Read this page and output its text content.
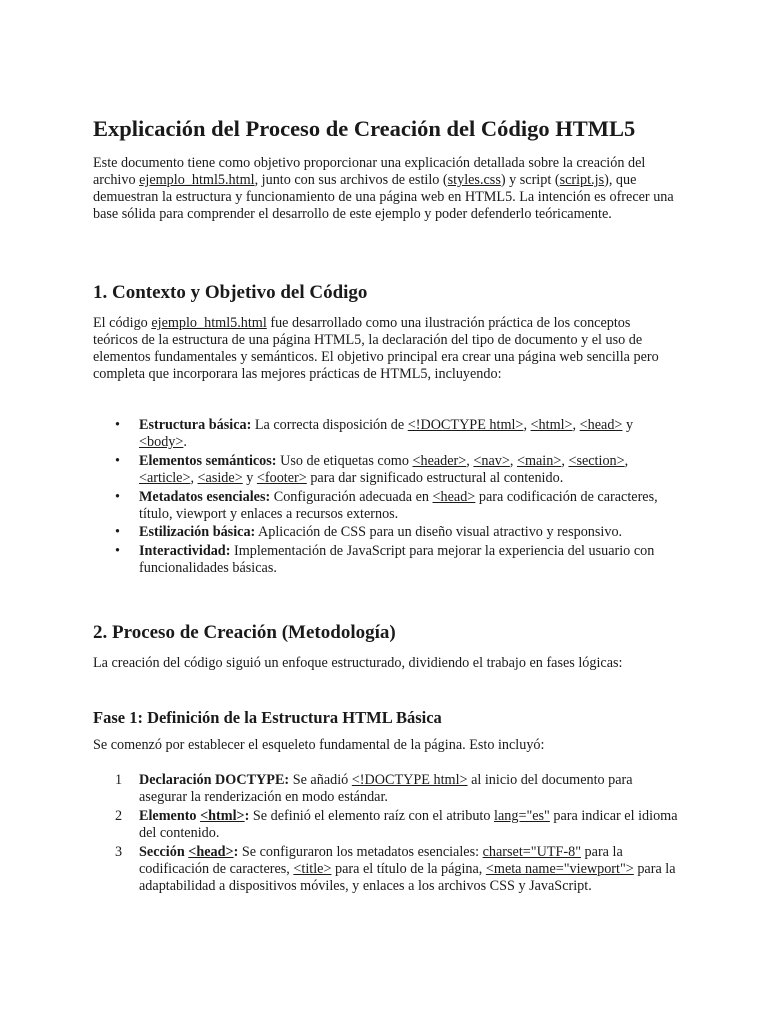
Explicación del Proceso de Creación del Código HTML5

Este documento tiene como objetivo proporcionar una explicación detallada sobre la creación del archivo ejemplo_html5.html, junto con sus archivos de estilo (styles.css) y script (script.js), que demuestran la estructura y funcionamiento de una página web en HTML5. La intención es ofrecer una base sólida para comprender el desarrollo de este ejemplo y poder defenderlo teóricamente.

1. Contexto y Objetivo del Código

El código ejemplo_html5.html fue desarrollado como una ilustración práctica de los conceptos teóricos de la estructura de una página HTML5, la declaración del tipo de documento y el uso de elementos fundamentales y semánticos. El objetivo principal era crear una página web sencilla pero completa que incorporara las mejores prácticas de HTML5, incluyendo:

• Estructura básica: La correcta disposición de <!DOCTYPE html>, <html>, <head> y <body>.
• Elementos semánticos: Uso de etiquetas como <header>, <nav>, <main>, <section>, <article>, <aside> y <footer> para dar significado estructural al contenido.
• Metadatos esenciales: Configuración adecuada en <head> para codificación de caracteres, título, viewport y enlaces a recursos externos.
• Estilización básica: Aplicación de CSS para un diseño visual atractivo y responsivo.
• Interactividad: Implementación de JavaScript para mejorar la experiencia del usuario con funcionalidades básicas.
2. Proceso de Creación (Metodología)

La creación del código siguió un enfoque estructurado, dividiendo el trabajo en fases lógicas:

Fase 1: Definición de la Estructura HTML Básica

Se comenzó por establecer el esqueleto fundamental de la página. Esto incluyó:

1 Declaración DOCTYPE: Se añadió <!DOCTYPE html> al inicio del documento para asegurar la renderización en modo estándar.
2 Elemento <html>: Se definió el elemento raíz con el atributo lang="es" para indicar el idioma del contenido.
3 Sección <head>: Se configuraron los metadatos esenciales: charset="UTF-8" para la codificación de caracteres, <title> para el título de la página, <meta name="viewport"> para la adaptabilidad a dispositivos móviles, y enlaces a los archivos CSS y JavaScript.
